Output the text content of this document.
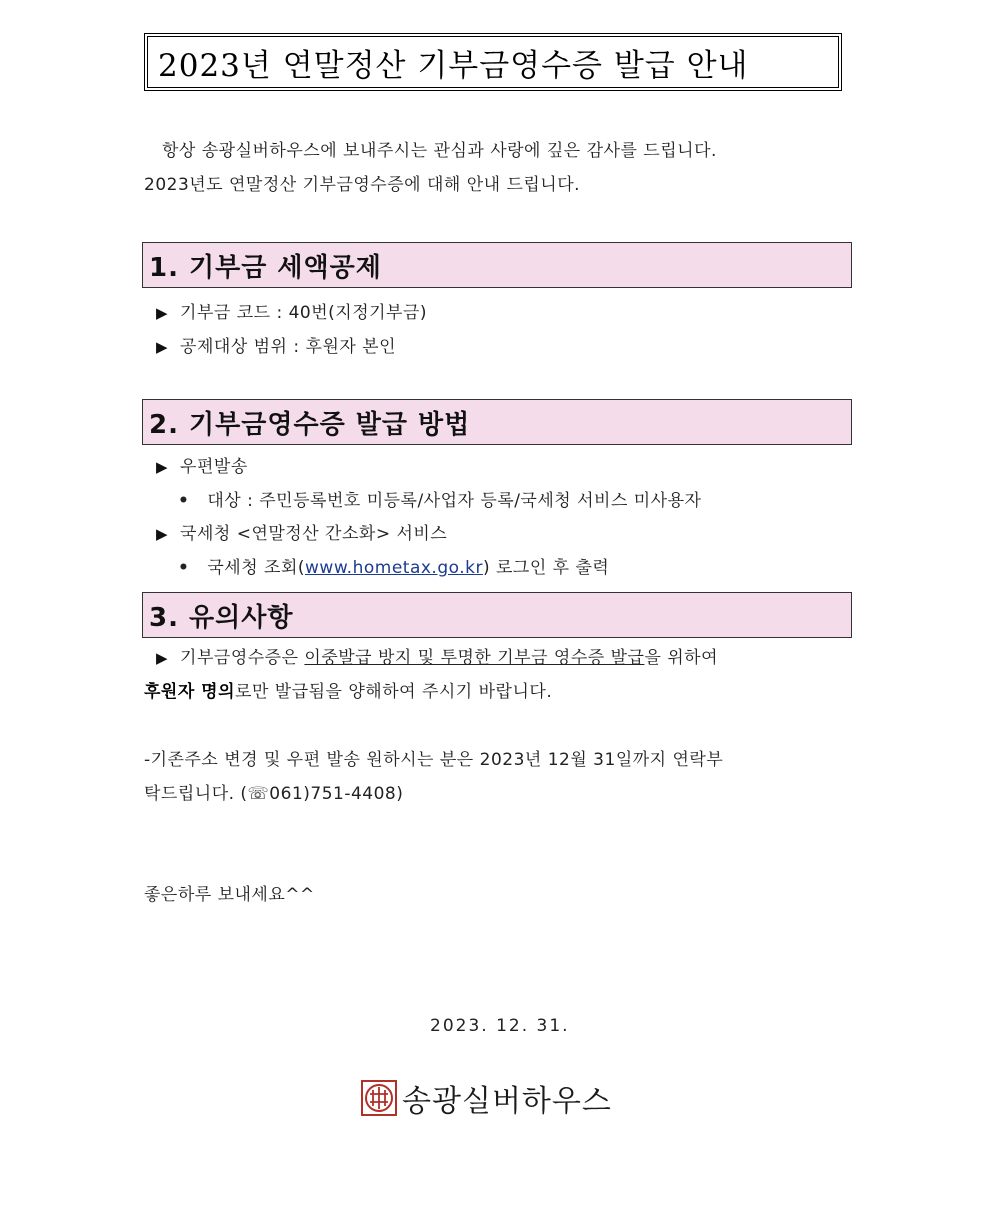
2023년 연말정산 기부금영수증 발급 안내
항상 송광실버하우스에 보내주시는 관심과 사랑에 깊은 감사를 드립니다.
2023년도 연말정산 기부금영수증에 대해 안내 드립니다.
1. 기부금 세액공제
▶ 기부금 코드 : 40번(지정기부금)
▶ 공제대상 범위 : 후원자 본인
2. 기부금영수증 발급 방법
▶ 우편발송
• 대상 : 주민등록번호 미등록/사업자 등록/국세청 서비스 미사용자
▶ 국세청 <연말정산 간소화> 서비스
• 국세청 조회(www.hometax.go.kr) 로그인 후 출력
3. 유의사항
▶ 기부금영수증은 이중발급 방지 및 투명한 기부금 영수증 발급을 위하여
후원자 명의로만 발급됨을 양해하여 주시기 바랍니다.
-기존주소 변경 및 우편 발송 원하시는 분은 2023년 12월 31일까지 연락부
탁드립니다. (☏061)751-4408)
좋은하루 보내세요^^
2023. 12. 31.
송광실버하우스
